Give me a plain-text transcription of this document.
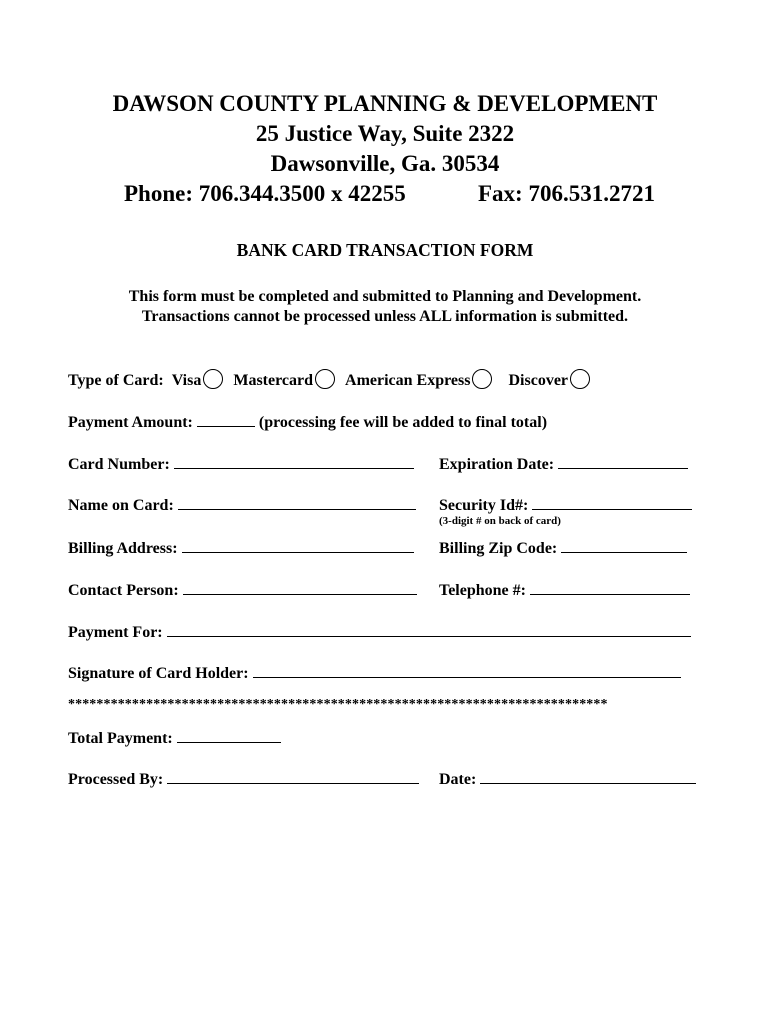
DAWSON COUNTY PLANNING & DEVELOPMENT
25 Justice Way, Suite 2322
Dawsonville, Ga. 30534
Phone: 706.344.3500 x 42255	Fax: 706.531.2721
BANK CARD TRANSACTION FORM
This form must be completed and submitted to Planning and Development.
Transactions cannot be processed unless ALL information is submitted.
Type of Card: Visa Mastercard American Express Discover
Payment Amount:	(processing fee will be added to final total)
Card Number:	Expiration Date:
Name on Card:	Security Id#:
(3-digit # on back of card)
Billing Address:	Billing Zip Code:
Contact Person:	Telephone #:
Payment For:
Signature of Card Holder:
****************************************************************************
Total Payment:
Processed By:	Date:
